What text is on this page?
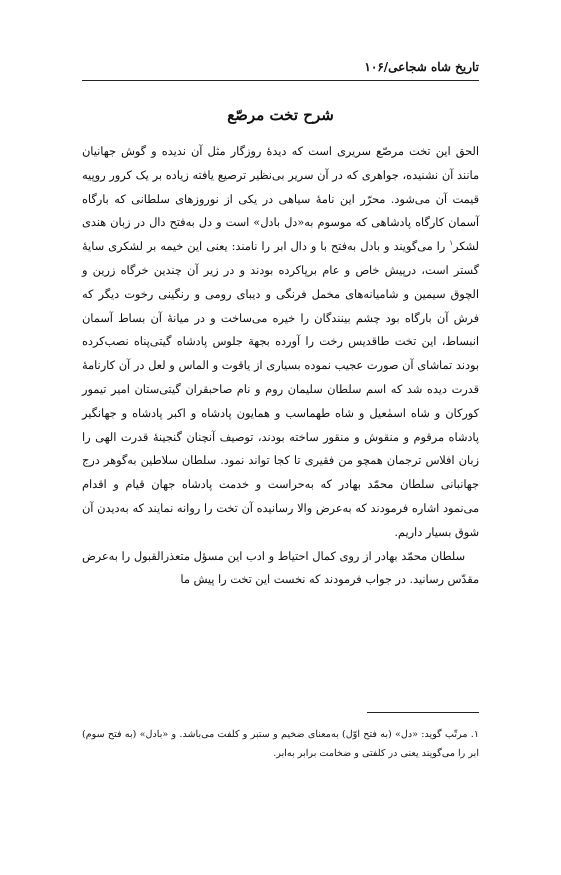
تاریخ شاه شجاعی/۱۰۶
شرح تخت مرصّع

الحق این تخت مرصّع سریری است که دیدهٔ روزگار مثل آن ندیده و گوش جهانیان مانند آن نشنیده، جواهری که در آن سریر بی‌نظیر ترصیع یافته زیاده بر یک کرور روپیه قیمت آن می‌شود. محرّر این نامهٔ سیاهی در یکی از نوروزهای سلطانی که بارگاه آسمان کارگاه پادشاهی که موسوم به«دل بادل» است و دل به‌فتح دال در زبان هندی لشکر$^۱$ را می‌گویند و بادل به‌فتح با و دال ابر را نامند: یعنی این خیمه بر لشکری سایهٔ گستر است، درپیش خاص و عام برپاکرده بودند و در زیر آن چندین خرگاه زرین و الچوق سیمین و شامیانه‌های مخمل فرنگی و دیبای رومی و رنگینی رخوت دیگر که فرش آن بارگاه بود چشم بینندگان را خیره می‌ساخت و در میانهٔ آن بساط آسمان انبساط، این تخت طاقدیس رخت را آورده بجهة جلوس پادشاه گیتی‌پناه نصب‌کرده بودند تماشای آن صورت عجیب نموده بسیاری از یاقوت و الماس و لعل در آن کارنامهٔ قدرت دیده شد که اسم سلطان سلیمان روم و نام صاحبقران گیتی‌ستان امیر تیمور کورکان و شاه اسمٰعیل و شاه طهماسب و همایون پادشاه و اکبر پادشاه و جهانگیر پادشاه مرقوم و منقوش و منقور ساخته بودند، توصیف آنچنان گنجینهٔ قدرت الهی را زبان افلاس ترجمان همچو من فقیری تا کجا تواند نمود. سلطان سلاطین به‌گوهر درج جهانبانی سلطان محمّد بهادر که به‌حراست و خدمت پادشاه جهان قیام و اقدام می‌نمود اشاره فرمودند که به‌عرض والا رسانیده آن تخت را روانه نمایند که به‌دیدن آن شوق بسیار داریم.

سلطان محمّد بهادر از روی کمال احتیاط و ادب این مسؤل متعذرالقبول را به‌عرض مقدّس رسانید. در جواب فرمودند که نخست این تخت را پیش ما

۱. مرتّب گوید: «دل» (به فتح اوّل) به‌معنای ضخیم و ستبر و کلفت می‌باشد. و «بادل» (به فتح سوم) ابر را می‌گویند یعنی در کلفتی و ضخامت برابر به‌ابر.
